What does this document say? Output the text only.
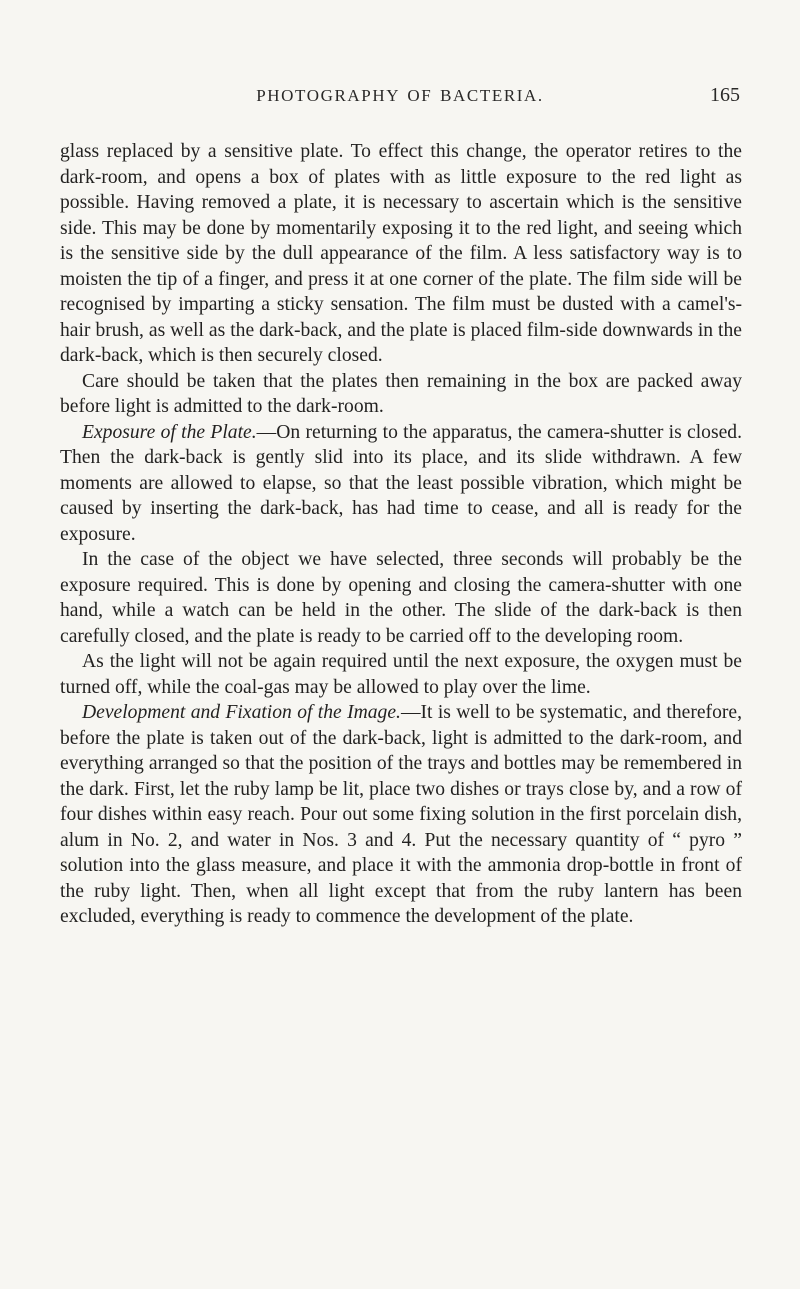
PHOTOGRAPHY OF BACTERIA.	165

glass replaced by a sensitive plate. To effect this change, the operator retires to the dark-room, and opens a box of plates with as little exposure to the red light as possible. Having removed a plate, it is necessary to ascertain which is the sensitive side. This may be done by momentarily exposing it to the red light, and seeing which is the sensitive side by the dull appearance of the film. A less satisfactory way is to moisten the tip of a finger, and press it at one corner of the plate. The film side will be recognised by imparting a sticky sensation. The film must be dusted with a camel's-hair brush, as well as the dark-back, and the plate is placed film-side downwards in the dark-back, which is then securely closed.

Care should be taken that the plates then remaining in the box are packed away before light is admitted to the dark-room.

Exposure of the Plate.—On returning to the apparatus, the camera-shutter is closed. Then the dark-back is gently slid into its place, and its slide withdrawn. A few moments are allowed to elapse, so that the least possible vibration, which might be caused by inserting the dark-back, has had time to cease, and all is ready for the exposure.

In the case of the object we have selected, three seconds will probably be the exposure required. This is done by opening and closing the camera-shutter with one hand, while a watch can be held in the other. The slide of the dark-back is then carefully closed, and the plate is ready to be carried off to the developing room.

As the light will not be again required until the next exposure, the oxygen must be turned off, while the coal-gas may be allowed to play over the lime.

Development and Fixation of the Image.—It is well to be systematic, and therefore, before the plate is taken out of the dark-back, light is admitted to the dark-room, and everything arranged so that the position of the trays and bottles may be remembered in the dark. First, let the ruby lamp be lit, place two dishes or trays close by, and a row of four dishes within easy reach. Pour out some fixing solution in the first porcelain dish, alum in No. 2, and water in Nos. 3 and 4. Put the necessary quantity of “ pyro ” solution into the glass measure, and place it with the ammonia drop-bottle in front of the ruby light. Then, when all light except that from the ruby lantern has been excluded, everything is ready to commence the development of the plate.
